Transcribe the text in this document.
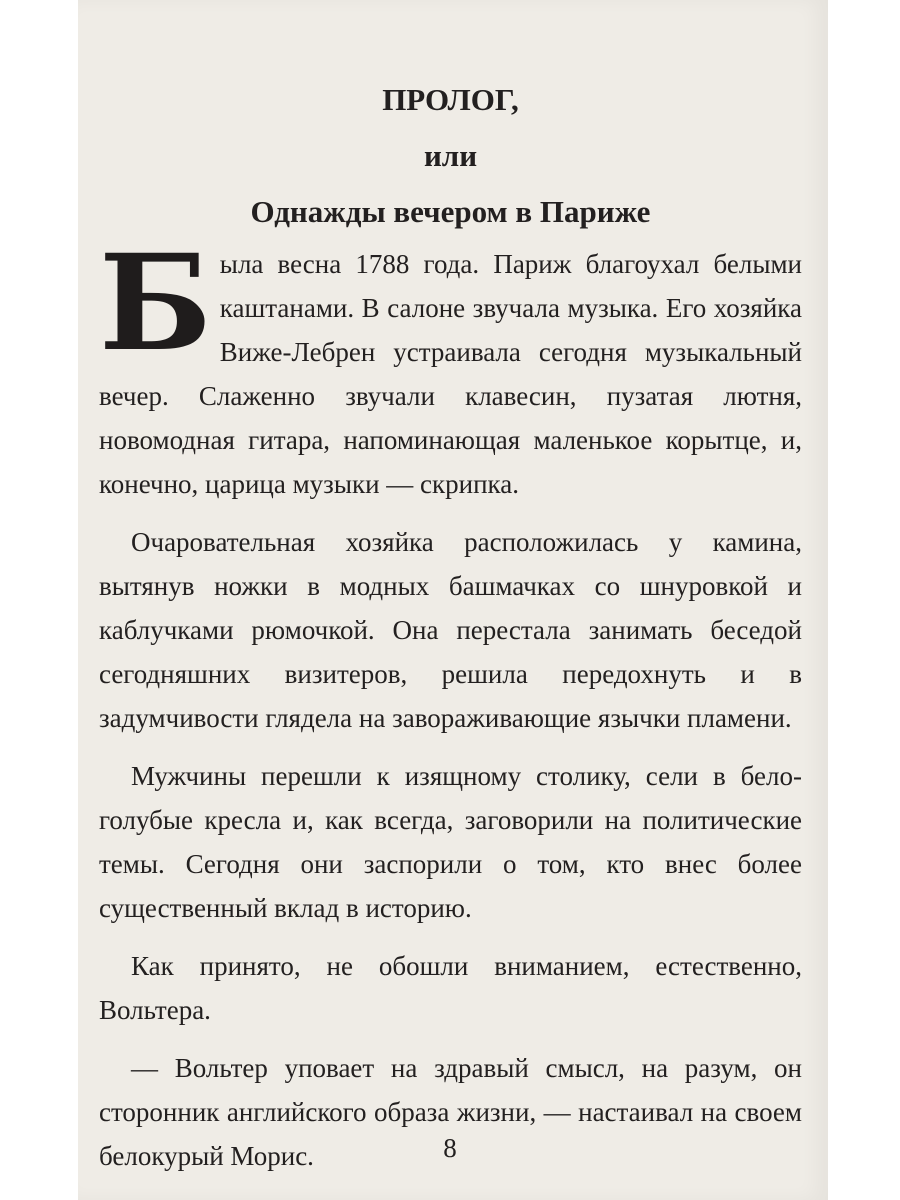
ПРОЛОГ,
или
Однажды вечером в Париже

Была весна 1788 года. Париж благоухал белыми каштанами. В салоне звучала музыка. Его хозяйка Виже-Лебрен устраивала сегодня музыкальный вечер. Слаженно звучали клавесин, пузатая лютня, новомодная гитара, напоминающая маленькое корытце, и, конечно, царица музыки — скрипка.

Очаровательная хозяйка расположилась у камина, вытянув ножки в модных башмачках со шнуровкой и каблучками рюмочкой. Она перестала занимать беседой сегодняшних визитеров, решила передохнуть и в задумчивости глядела на завораживающие язычки пламени.

Мужчины перешли к изящному столику, сели в бело-голубые кресла и, как всегда, заговорили на политические темы. Сегодня они заспорили о том, кто внес более существенный вклад в историю.

Как принято, не обошли вниманием, естественно, Вольтера.

— Вольтер уповает на здравый смысл, на разум, он сторонник английского образа жизни, — настаивал на своем белокурый Морис.	8
